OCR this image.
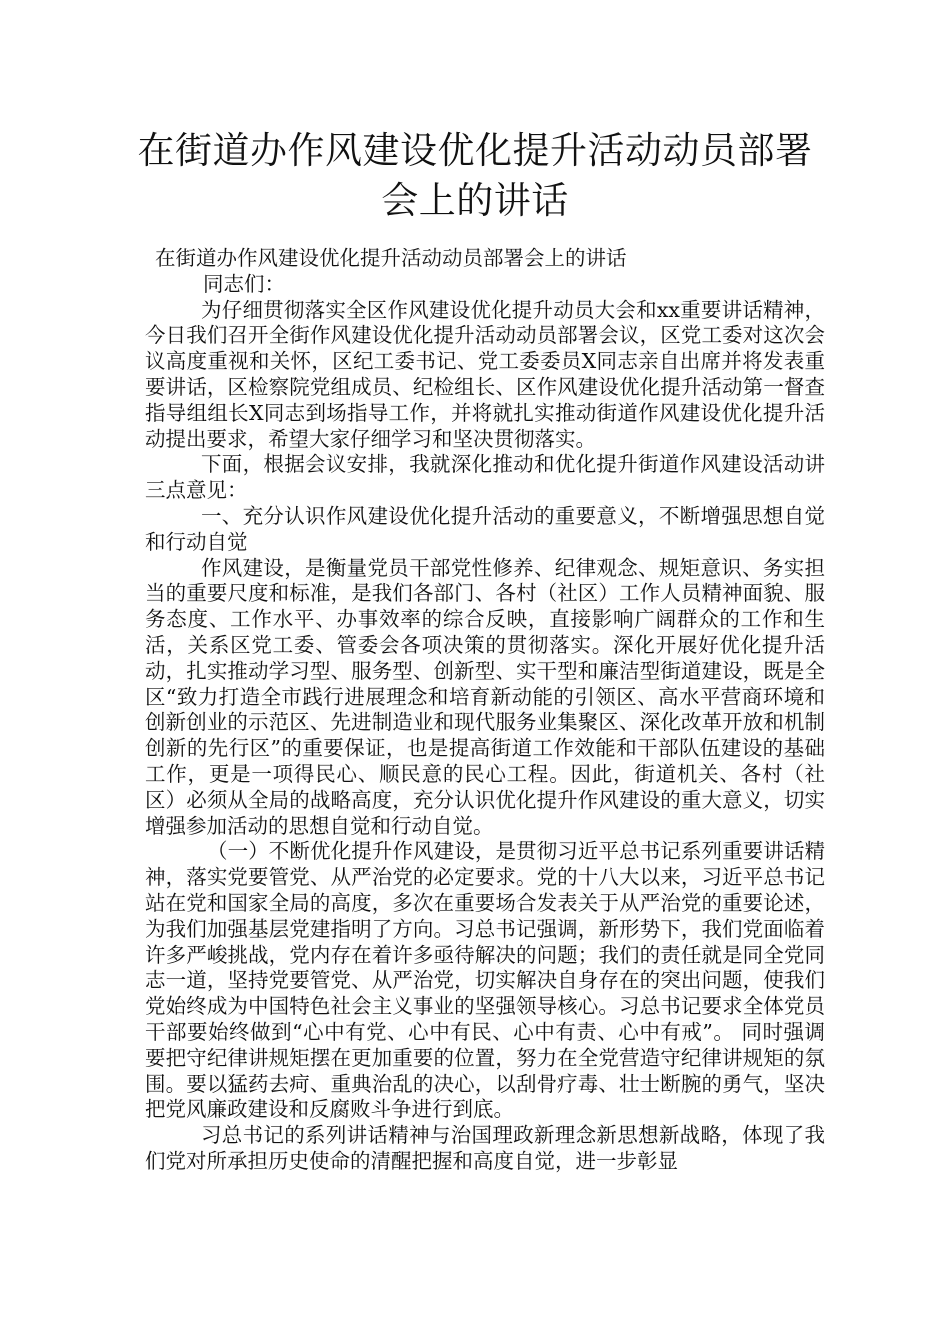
在街道办作风建设优化提升活动动员部署
会上的讲话

在街道办作风建设优化提升活动动员部署会上的讲话

同志们：

为仔细贯彻落实全区作风建设优化提升动员大会和xx重要讲话精神，今日我们召开全街作风建设优化提升活动动员部署会议，区党工委对这次会议高度重视和关怀，区纪工委书记、党工委委员X同志亲自出席并将发表重要讲话，区检察院党组成员、纪检组长、区作风建设优化提升活动第一督查指导组组长X同志到场指导工作，并将就扎实推动街道作风建设优化提升活动提出要求，希望大家仔细学习和坚决贯彻落实。

下面，根据会议安排，我就深化推动和优化提升街道作风建设活动讲三点意见：

一、充分认识作风建设优化提升活动的重要意义，不断增强思想自觉和行动自觉

作风建设，是衡量党员干部党性修养、纪律观念、规矩意识、务实担当的重要尺度和标准，是我们各部门、各村（社区）工作人员精神面貌、服务态度、工作水平、办事效率的综合反映，直接影响广阔群众的工作和生活，关系区党工委、管委会各项决策的贯彻落实。深化开展好优化提升活动，扎实推动学习型、服务型、创新型、实干型和廉洁型街道建设，既是全区“致力打造全市践行进展理念和培育新动能的引领区、高水平营商环境和创新创业的示范区、先进制造业和现代服务业集聚区、深化改革开放和机制创新的先行区”的重要保证，也是提高街道工作效能和干部队伍建设的基础工作，更是一项得民心、顺民意的民心工程。因此，街道机关、各村（社区）必须从全局的战略高度，充分认识优化提升作风建设的重大意义，切实增强参加活动的思想自觉和行动自觉。

（一）不断优化提升作风建设，是贯彻习近平总书记系列重要讲话精神，落实党要管党、从严治党的必定要求。党的十八大以来，习近平总书记站在党和国家全局的高度，多次在重要场合发表关于从严治党的重要论述，为我们加强基层党建指明了方向。习总书记强调，新形势下，我们党面临着许多严峻挑战，党内存在着许多亟待解决的问题；我们的责任就是同全党同志一道，坚持党要管党、从严治党，切实解决自身存在的突出问题，使我们党始终成为中国特色社会主义事业的坚强领导核心。习总书记要求全体党员干部要始终做到“心中有党、心中有民、心中有责、心中有戒”。 同时强调要把守纪律讲规矩摆在更加重要的位置，努力在全党营造守纪律讲规矩的氛围。要以猛药去疴、重典治乱的决心，以刮骨疗毒、壮士断腕的勇气，坚决把党风廉政建设和反腐败斗争进行到底。

习总书记的系列讲话精神与治国理政新理念新思想新战略，体现了我们党对所承担历史使命的清醒把握和高度自觉，进一步彰显
